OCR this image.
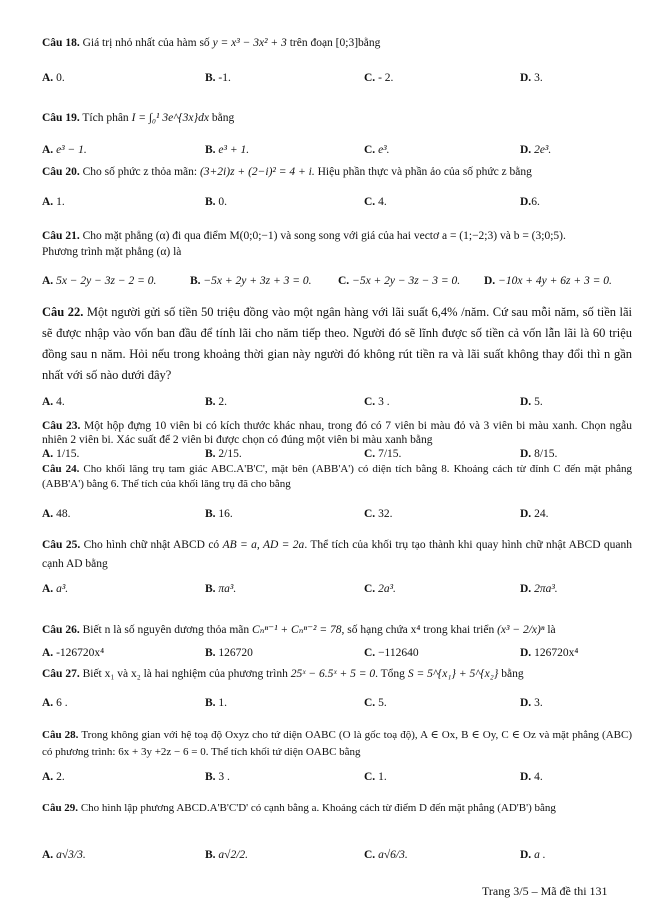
Câu 18. Giá trị nhỏ nhất của hàm số y = x³ − 3x² + 3 trên đoạn [0;3]bằng
A. 0.	B. -1.	C. - 2.	D. 3.
Câu 19. Tích phân I = ∫₀¹ 3e^{3x}dx bằng
A. e³ − 1.	B. e³ + 1.	C. e³.	D. 2e³.
Câu 20. Cho số phức z thỏa mãn: (3+2i)z + (2−i)² = 4 + i. Hiệu phần thực và phần ảo của số phức z bằng
A. 1.	B. 0.	C. 4.	D.6.
Câu 21. Cho mặt phẳng (α) đi qua điểm M(0;0;−1) và song song với giá của hai vectơ a = (1;−2;3) và b = (3;0;5).
Phương trình mặt phẳng (α) là
A. 5x − 2y − 3z − 2 = 0.	B. −5x + 2y + 3z + 3 = 0. C. −5x + 2y − 3z − 3 = 0. D. −10x + 4y + 6z + 3 = 0.
Câu 22. Một người gửi số tiền 50 triệu đồng vào một ngân hàng với lãi suất 6,4% /năm. Cứ sau mỗi năm, số tiền lãi sẽ được nhập vào vốn ban đầu để tính lãi cho năm tiếp theo. Người đó sẽ lĩnh được số tiền cả vốn lẫn lãi là 60 triệu đồng sau n năm. Hỏi nếu trong khoảng thời gian này người đó không rút tiền ra và lãi suất không thay đổi thì n gần nhất với số nào dưới đây?
A. 4.	B. 2.	C. 3 .	D. 5.
Câu 23. Một hộp đựng 10 viên bi có kích thước khác nhau, trong đó có 7 viên bi màu đỏ và 3 viên bi màu xanh. Chọn ngẫu nhiên 2 viên bi. Xác suất để 2 viên bi được chọn có đúng một viên bi màu xanh bằng
A. 1/15.	B. 2/15.	C. 7/15.	D. 8/15.
Câu 24. Cho khối lăng trụ tam giác ABC.A'B'C', mặt bên (ABB'A') có diện tích bằng 8. Khoảng cách từ đỉnh C đến mặt phẳng (ABB'A') bằng 6. Thể tích của khối lăng trụ đã cho bằng
A. 48.	B. 16.	C. 32.	D. 24.
Câu 25. Cho hình chữ nhật ABCD có AB = a, AD = 2a. Thể tích của khối trụ tạo thành khi quay hình chữ nhật ABCD quanh cạnh AD bằng
A. a³.	B. πa³.	C. 2a³.	D. 2πa³.
Câu 26. Biết n là số nguyên dương thỏa mãn Cₙⁿ⁻¹ + Cₙⁿ⁻² = 78, số hạng chứa x⁴ trong khai triển (x³ − 2/x)ⁿ là
A. -126720x⁴	B. 126720	C. −112640	D. 126720x⁴
Câu 27. Biết x₁ và x₂ là hai nghiệm của phương trình 25ˣ − 6.5ˣ + 5 = 0. Tổng S = 5^{x₁} + 5^{x₂} bằng
A. 6 .	B. 1.	C. 5.	D. 3.
Câu 28. Trong không gian với hệ toạ độ Oxyz cho tứ diện OABC (O là gốc toạ độ), A ∈ Ox, B ∈ Oy, C ∈ Oz và mặt phẳng (ABC) có phương trình: 6x + 3y +2z − 6 = 0. Thể tích khối tứ diện OABC bằng
A. 2.	B. 3 .	C. 1.	D. 4.
Câu 29. Cho hình lập phương ABCD.A'B'C'D' có cạnh bằng a. Khoảng cách từ điểm D đến mặt phẳng (AD'B') bằng
A. a√3/3.	B. a√2/2.	C. a√6/3.	D. a .
Trang 3/5 – Mã đề thi 131
